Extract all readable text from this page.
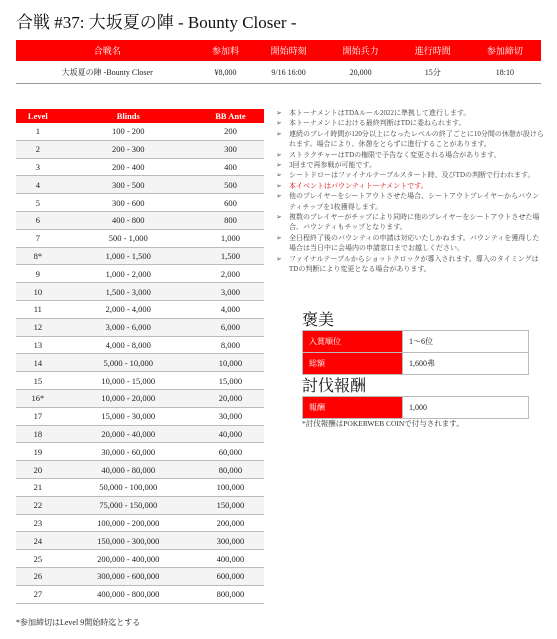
合戦 #37: 大坂夏の陣 - Bounty Closer -
合戦名	参加料	開始時刻	開始兵力	進行時間	参加締切
大坂夏の陣 -Bounty Closer	¥8,000	9/16 16:00	20,000	15分	18:10
Level	Blinds	BB Ante
1	100 - 200	200
2	200 - 300	300
3	200 - 400	400
4	300 - 500	500
5	300 - 600	600
6	400 - 800	800
7	500 - 1,000	1,000
8*	1,000 - 1,500	1,500
9	1,000 - 2,000	2,000
10	1,500 - 3,000	3,000
11	2,000 - 4,000	4,000
12	3,000 - 6,000	6,000
13	4,000 - 8,000	8,000
14	5,000 - 10,000	10,000
15	10,000 - 15,000	15,000
16*	10,000 - 20,000	20,000
17	15,000 - 30,000	30,000
18	20,000 - 40,000	40,000
19	30,000 - 60,000	60,000
20	40,000 - 80,000	80,000
21	50,000 - 100,000	100,000
22	75,000 - 150,000	150,000
23	100,000 - 200,000	200,000
24	150,000 - 300,000	300,000
25	200,000 - 400,000	400,000
26	300,000 - 600,000	600,000
27	400,000 - 800,000	800,000
*参加締切はLevel 9開始時迄とする
➢ 本トーナメントはTDAルール2022に準拠して進行します。
➢ 本トーナメントにおける最終判断はTDに委ねられます。
➢ 連続のプレイ時間が120分以上になったレベルの終了ごとに10分間の休憩が設けられます。場合により、休憩をとらずに進行することがあります。
➢ ストラクチャーはTDの権限で予告なく変更される場合があります。
➢ 3回まで再参戦が可能です。
➢ シートドローはファイナルテーブルスタート時、及びTDの判断で行われます。
➢ 本イベントはバウンティトーナメントです。
➢ 他のプレイヤーをシートアウトさせた場合、シートアウトプレイヤーからバウンティチップを1枚獲得します。
➢ 複数のプレイヤーがチップにより同時に他のプレイヤーをシートアウトさせた場合、バウンティもチップとなります。
➢ 全日程終了後のバウンティの申請は対応いたしかねます。バウンティを獲得した場合は当日中に会場内の申請窓口までお越しください。
➢ ファイナルテーブルからショットクロックが導入されます。導入のタイミングはTDの判断により変更となる場合があります。
褒美
入賞順位	1～6位
総額	1,600弗
討伐報酬
報酬	1,000
*討伐報酬はPOKERWEB COINで付与されます。
